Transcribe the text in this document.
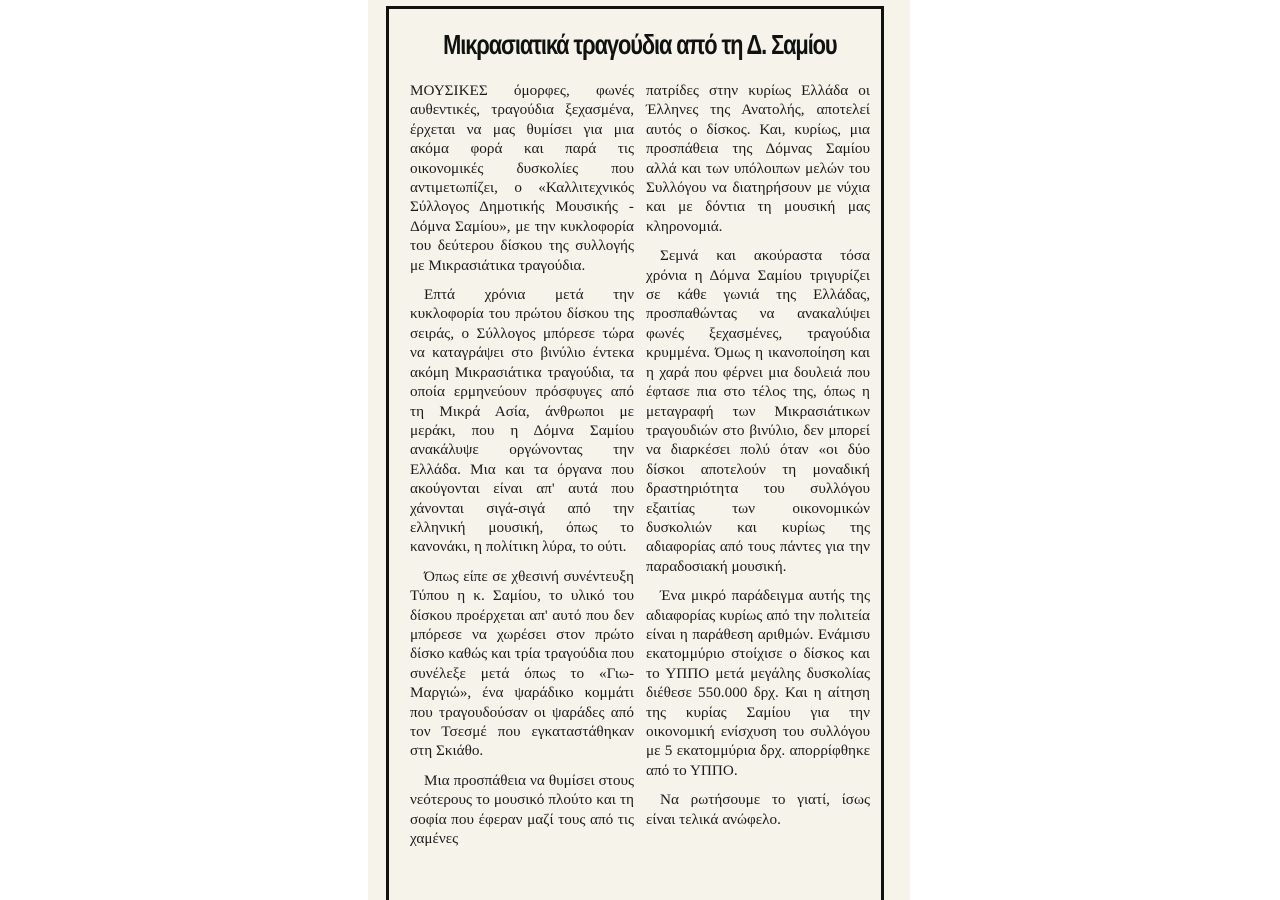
Μικρασιατικά τραγούδια από τη Δ. Σαμίου

ΜΟΥΣΙΚΕΣ όμορφες, φωνές αυθεντικές, τραγούδια ξεχασμένα, έρχεται να μας θυμίσει για μια ακόμα φορά και παρά τις οικονομικές δυσκολίες που αντιμετωπίζει, ο «Καλλιτεχνικός Σύλλογος Δημοτικής Μουσικής - Δόμνα Σαμίου», με την κυκλοφορία του δεύτερου δίσκου της συλλογής με Μικρασιάτικα τραγούδια.

Επτά χρόνια μετά την κυκλοφορία του πρώτου δίσκου της σειράς, ο Σύλλογος μπόρεσε τώρα να καταγράψει στο βινύλιο έντεκα ακόμη Μικρασιάτικα τραγούδια, τα οποία ερμηνεύουν πρόσφυγες από τη Μικρά Ασία, άνθρωποι με μεράκι, που η Δόμνα Σαμίου ανακάλυψε οργώνοντας την Ελλάδα. Μια και τα όργανα που ακούγονται είναι απ' αυτά που χάνονται σιγά-σιγά από την ελληνική μουσική, όπως το κανονάκι, η πολίτικη λύρα, το ούτι.

Όπως είπε σε χθεσινή συνέντευξη Τύπου η κ. Σαμίου, το υλικό του δίσκου προέρχεται απ' αυτό που δεν μπόρεσε να χωρέσει στον πρώτο δίσκο καθώς και τρία τραγούδια που συνέλεξε μετά όπως το «Γιω-Μαργιώ», ένα ψαράδικο κομμάτι που τραγουδούσαν οι ψαράδες από τον Τσεσμέ που εγκαταστάθηκαν στη Σκιάθο.

Μια προσπάθεια να θυμίσει στους νεότερους το μουσικό πλούτο και τη σοφία που έφεραν μαζί τους από τις χαμένες

πατρίδες στην κυρίως Ελλάδα οι Έλληνες της Ανατολής, αποτελεί αυτός ο δίσκος. Και, κυρίως, μια προσπάθεια της Δόμνας Σαμίου αλλά και των υπόλοιπων μελών του Συλλόγου να διατηρήσουν με νύχια και με δόντια τη μουσική μας κληρονομιά.

Σεμνά και ακούραστα τόσα χρόνια η Δόμνα Σαμίου τριγυρίζει σε κάθε γωνιά της Ελλάδας, προσπαθώντας να ανακαλύψει φωνές ξεχασμένες, τραγούδια κρυμμένα. Όμως η ικανοποίηση και η χαρά που φέρνει μια δουλειά που έφτασε πια στο τέλος της, όπως η μεταγραφή των Μικρασιάτικων τραγουδιών στο βινύλιο, δεν μπορεί να διαρκέσει πολύ όταν «οι δύο δίσκοι αποτελούν τη μοναδική δραστηριότητα του συλλόγου εξαιτίας των οικονομικών δυσκολιών και κυρίως της αδιαφορίας από τους πάντες για την παραδοσιακή μουσική.

Ένα μικρό παράδειγμα αυτής της αδιαφορίας κυρίως από την πολιτεία είναι η παράθεση αριθμών. Ενάμισυ εκατομμύριο στοίχισε ο δίσκος και το ΥΠΠΟ μετά μεγάλης δυσκολίας διέθεσε 550.000 δρχ. Και η αίτηση της κυρίας Σαμίου για την οικονομική ενίσχυση του συλλόγου με 5 εκατομμύρια δρχ. απορρίφθηκε από το ΥΠΠΟ.

Να ρωτήσουμε το γιατί, ίσως είναι τελικά ανώφελο.
